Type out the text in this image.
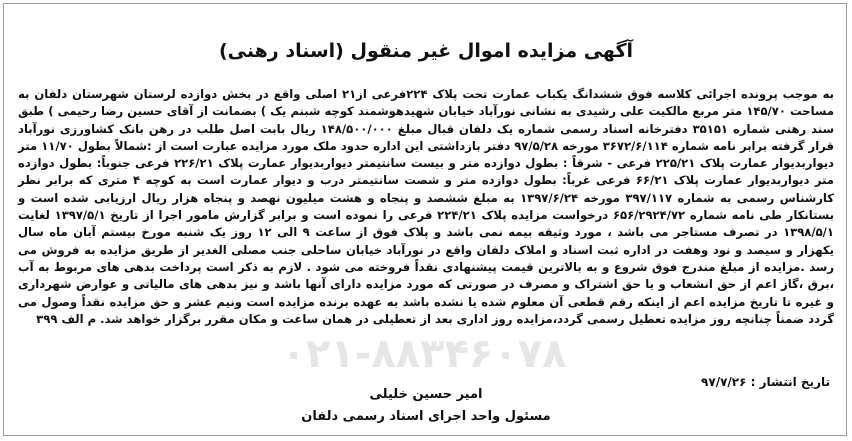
۰۲۱-۸۸۳۴۶۰۷۸
آگهی مزایده اموال غیر منقول (اسناد رهنی)
به موجب پرونده اجرائی کلاسه فوق ششدانگ یکباب عمارت تحت پلاک ۲۲۴فرعی از۲۱ اصلی واقع در بخش دوازده لرستان شهرستان دلفان به مساحت ۱۴۵/۷۰ متر مربع مالکیت علی رشیدی به نشانی نورآباد خیابان شهیدهوشمند کوچه شبنم یک ) بضمانت از آقای حسین رضا رحیمی ) طبق سند رهنی شماره ۳۵۱۵۱ دفترخانه اسناد رسمی شماره یک دلفان قبال مبلغ ۱۴۸/۵۰۰/۰۰۰ ریال بابت اصل طلب در رهن بانک کشاورزی نورآباد قرار گرفته برابر نامه شماره ۳۶۷۲/۶/۱۱۴ مورخه ۹۷/۵/۲۸ دفتر بازداشتی این اداره حدود ملک مورد مزایده عبارت است از :شمالاً بطول ۱۱/۷۰ متر دیواربدیوار عمارت پلاک ۲۲۵/۲۱ فرعی - شرقاً : بطول دوازده متر و بیست سانتیمتر دیواربدیوار عمارت پلاک ۲۲۶/۲۱ فرعی جنوباً: بطول دوازده متر دیواربدیوار عمارت پلاک ۶۶/۲۱ فرعی غرباً: بطول دوازده متر و شصت سانتیمتر درب و دیوار عمارت است به کوچه ۴ متری که برابر نظر کارشناس رسمی به شماره ۳۹۷/۱۱۷ مورخه ۱۳۹۷/۶/۲۴ به مبلغ ششصد و پنجاه و هشت میلیون نهصد و پنجاه هزار ریال ارزیابی شده است و بستانکار طی نامه شماره ۶۵۶/۲۹۲۴/۷۲ درخواست مزایده پلاک ۲۲۴/۲۱ فرعی را نموده است و برابر گزارش مامور اجرا از تاریخ ۱۳۹۷/۵/۱ لغایت ۱۳۹۸/۵/۱ در تصرف مستاجر می باشد ، مورد وثیقه بیمه نمی باشد و پلاک فوق از ساعت ۹ الی ۱۲ روز یک شنبه مورخ بیستم آبان ماه سال یکهزار و سیصد و نود وهفت در اداره ثبت اسناد و املاک دلفان واقع در نورآباد خیابان ساحلی جنب مصلی الغدیر از طریق مزایده به فروش می رسد .مزایده از مبلغ مندرج فوق شروع و به بالاترین قیمت پیشنهادی نقداً فروخته می شود . لازم به ذکر است پرداخت بدهی های مربوط به آب ،برق ،گاز اعم از حق انشعاب و یا حق اشتراک و مصرف در صورتی که مورد مزایده دارای آنها باشد و نیز بدهی های مالیاتی و عوارض شهرداری و غیره تا تاریخ مزایده اعم از اینکه رقم قطعی آن معلوم شده یا نشده باشد به عهده برنده مزایده است ونیم عشر و حق مزایده نقداً وصول می گردد ضمناً چنانچه روز مزایده تعطیل رسمی گردد،مزایده روز اداری بعد از تعطیلی در همان ساعت و مکان مقرر برگزار خواهد شد. م الف ۳۹۹
تاریخ انتشار : ۹۷/۷/۲۶
امیر حسین خلیلی
مسئول واحد اجرای اسناد رسمی دلفان
